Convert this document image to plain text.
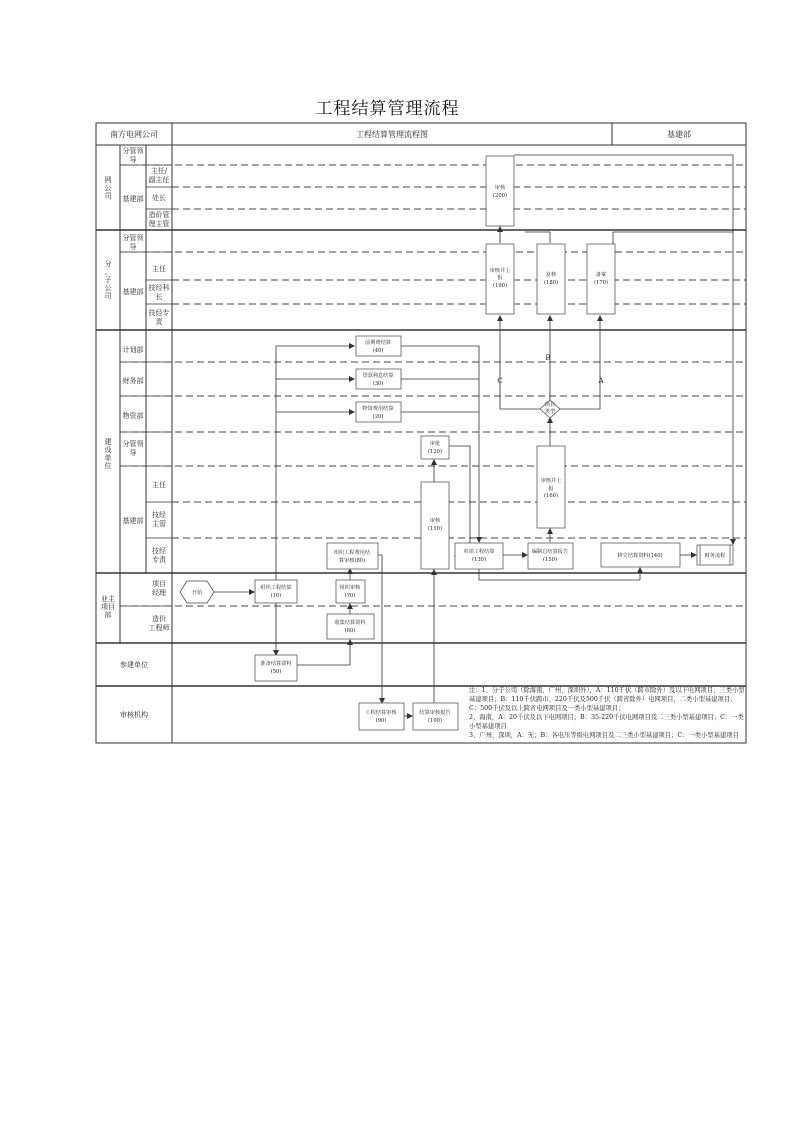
工程结算管理流程
南方电网公司	工程结算管理流程图	基建部
网
公
司
分
、
子
公
司
建
设
单
位
业主
项目
部
参建单位
审核机构
分管领
导
基建部
主任/
副主任
处长
造价管
理主管
分管领
导
基建部
主任
技经科
长
技经专
责
计划部
财务部
物资部
分管领
导
基建部
主任
技经
主管
技经
专责
项目
经理
造价
工程师
C
B
A
开始
项目
类型
审核
(200)
审核并上
报
(190)
复核
(180)
备案
(170)
前期费结算
(40)
贷款利息结算
(30)
物资费用结算
(20)
审批
(120)
审核并上
报
(160)
审核
(110)
组织工程费用结
算审核(80)
单项工程结算
(130)
编制总结算报告
(150)
移交结算资料(140)	财务流程
组织工程结算
(10)
组织审核
(70)
收集结算资料
(60)
准备结算资料
(50)
工程结算审核
(90)
结算审核报告
(100)
注：1、分子公司（除海南、广州、深圳外），A：110千伏（跨市除外）及以下电网项目、三类小型基建项目；B：110千伏跨市、220千伏及500千伏（跨省除外）电网项目，二类小型基建项目；C：500千伏及以上跨省电网项目及一类小型基建项目；
2、海南，A：20千伏及以下电网项目；B：35-220千伏电网项目及二三类小型基建项目；C：一类小型基建项目
3、广州、深圳，A：无；B：各电压等级电网项目及二三类小型基建项目；C：一类小型基建项目
